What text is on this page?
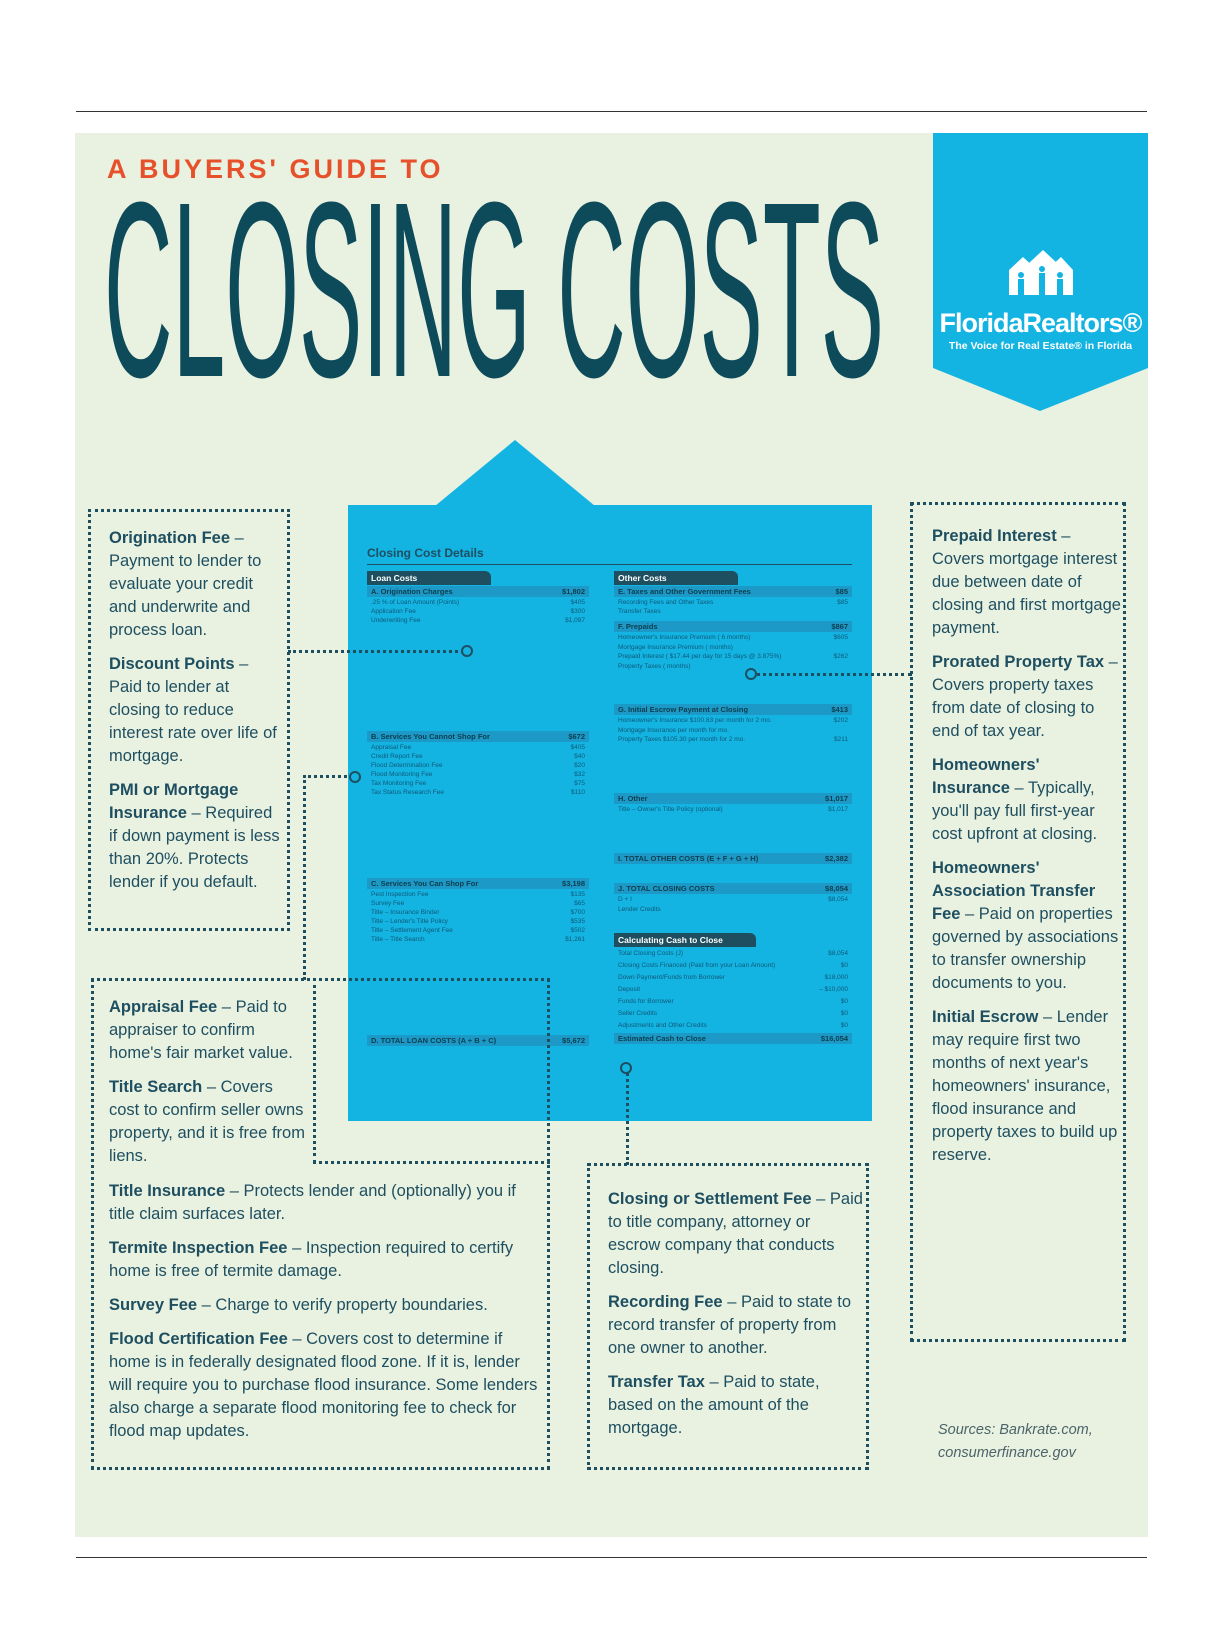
A BUYERS' GUIDE TO
CLOSING COSTS FloridaRealtors®
The Voice for Real Estate® in Florida
Closing Cost Details
Loan Costs	Other Costs
Calculating Cash to Close
A. Origination Charges	$1,802
.25 % of Loan Amount (Points)	$405
Application Fee	$300
Underwriting Fee	$1,097
B. Services You Cannot Shop For	$672
Appraisal Fee	$405
Credit Report Fee	$40
Flood Determination Fee	$20
Flood Monitoring Fee	$32
Tax Monitoring Fee	$75
Tax Status Research Fee	$110
C. Services You Can Shop For	$3,198
Pest Inspection Fee	$135
Survey Fee	$65
Title – Insurance Binder	$700
Title – Lender's Title Policy	$535
Title – Settlement Agent Fee	$502
Title – Title Search	$1,261
D. TOTAL LOAN COSTS (A + B + C)	$5,672
E. Taxes and Other Government Fees	$85
Recording Fees and Other Taxes	$85
Transfer Taxes
F. Prepaids	$867
Homeowner's Insurance Premium ( 6 months)	$605
Mortgage Insurance Premium ( months)
Prepaid Interest ( $17.44 per day for 15 days @ 3.875%)	$262
Property Taxes ( months)
G. Initial Escrow Payment at Closing	$413
Homeowner's Insurance $100.83 per month for 2 mo.	$202
Mortgage Insurance per month for mo.
Property Taxes $105.30 per month for 2 mo.	$211
H. Other	$1,017
Title – Owner's Title Policy (optional)	$1,017
I. TOTAL OTHER COSTS (E + F + G + H)	$2,382
J. TOTAL CLOSING COSTS	$8,054
D + I	$8,054
Lender Credits
Total Closing Costs (J)	$8,054
Closing Costs Financed (Paid from your Loan Amount)	$0
Down Payment/Funds from Borrower	$18,000
Deposit	– $10,000
Funds for Borrower	$0
Seller Credits	$0
Adjustments and Other Credits	$0
Estimated Cash to Close	$16,054

Origination Fee – Payment to lender to evaluate your credit and underwrite and process loan.

Discount Points – Paid to lender at closing to reduce interest rate over life of mortgage.

PMI or Mortgage Insurance – Required if down payment is less than 20%. Protects lender if you default.

Appraisal Fee – Paid to appraiser to confirm home's fair market value.

Title Search – Covers cost to confirm seller owns property, and it is free from liens.

Title Insurance – Protects lender and (optionally) you if title claim surfaces later.

Termite Inspection Fee – Inspection required to certify home is free of termite damage.

Survey Fee – Charge to verify property boundaries.

Flood Certification Fee – Covers cost to determine if home is in federally designated flood zone. If it is, lender will require you to purchase flood insurance. Some lenders also charge a separate flood monitoring fee to check for flood map updates.

Prepaid Interest – Covers mortgage interest due between date of closing and first mortgage payment.

Prorated Property Tax – Covers property taxes from date of closing to end of tax year.

Homeowners' Insurance – Typically, you'll pay full first-year cost upfront at closing.

Homeowners' Association Transfer Fee – Paid on properties governed by associations to transfer ownership documents to you.

Initial Escrow – Lender may require first two months of next year's homeowners' insurance, flood insurance and property taxes to build up reserve.

Closing or Settlement Fee – Paid to title company, attorney or escrow company that conducts closing.

Recording Fee – Paid to state to record transfer of property from one owner to another.

Transfer Tax – Paid to state, based on the amount of the mortgage.	Sources: Bankrate.com,
consumerfinance.gov
